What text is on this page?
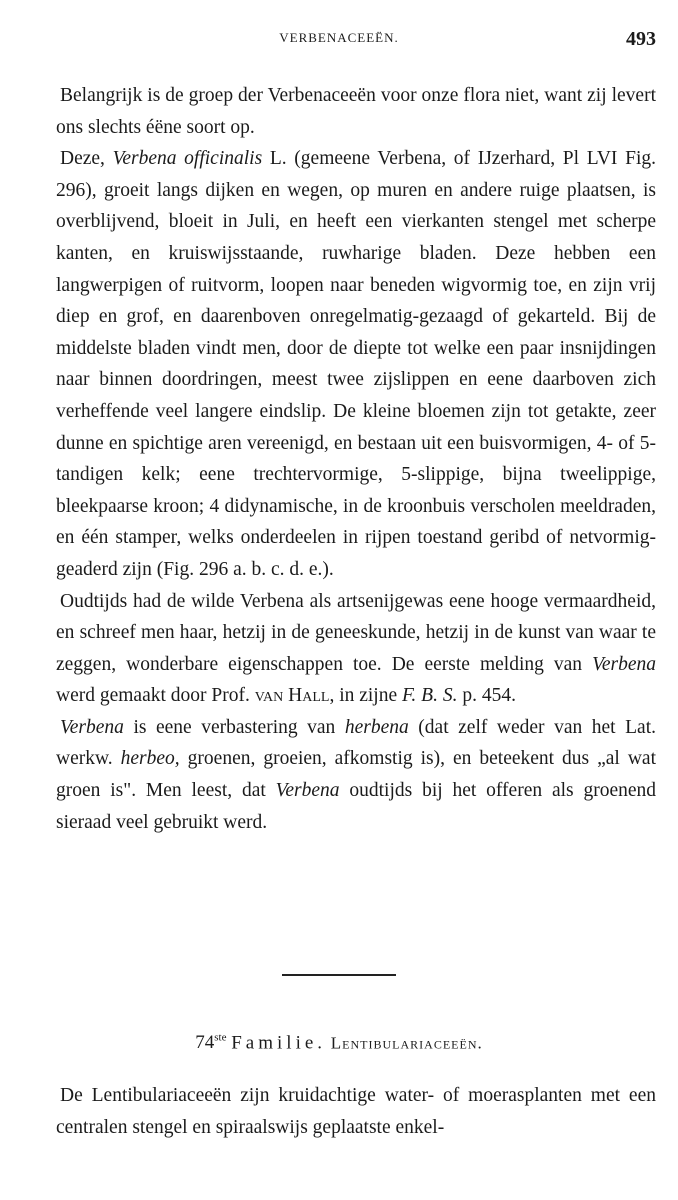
VERBENACEEËN.	493

Belangrijk is de groep der Verbenaceeën voor onze flora niet, want zij levert ons slechts éëne soort op.

Deze, Verbena officinalis L. (gemeene Verbena, of IJzerhard, Pl LVI Fig. 296), groeit langs dijken en wegen, op muren en andere ruige plaatsen, is overblijvend, bloeit in Juli, en heeft een vierkanten stengel met scherpe kanten, en kruiswijsstaande, ruwharige bladen. Deze hebben een langwerpigen of ruitvorm, loopen naar beneden wigvormig toe, en zijn vrij diep en grof, en daarenboven onregelmatig-gezaagd of gekarteld. Bij de middelste bladen vindt men, door de diepte tot welke een paar insnijdingen naar binnen doordringen, meest twee zijslippen en eene daarboven zich verheffende veel langere eindslip. De kleine bloemen zijn tot getakte, zeer dunne en spichtige aren vereenigd, en bestaan uit een buisvormigen, 4- of 5-tandigen kelk; eene trechtervormige, 5-slippige, bijna tweelippige, bleekpaarse kroon; 4 didynamische, in de kroonbuis verscholen meeldraden, en één stamper, welks onderdeelen in rijpen toestand geribd of netvormig-geaderd zijn (Fig. 296 a. b. c. d. e.).

Oudtijds had de wilde Verbena als artsenijgewas eene hooge vermaardheid, en schreef men haar, hetzij in de geneeskunde, hetzij in de kunst van waar te zeggen, wonderbare eigenschappen toe. De eerste melding van Verbena werd gemaakt door Prof. van Hall, in zijne F. B. S. p. 454.

Verbena is eene verbastering van herbena (dat zelf weder van het Lat. werkw. herbeo, groenen, groeien, afkomstig is), en beteekent dus „al wat groen is". Men leest, dat Verbena oudtijds bij het offeren als groenend sieraad veel gebruikt werd.

74ste Familie. Lentibulariaceeën.

De Lentibulariaceeën zijn kruidachtige water- of moerasplanten met een centralen stengel en spiraalswijs geplaatste enkel-
